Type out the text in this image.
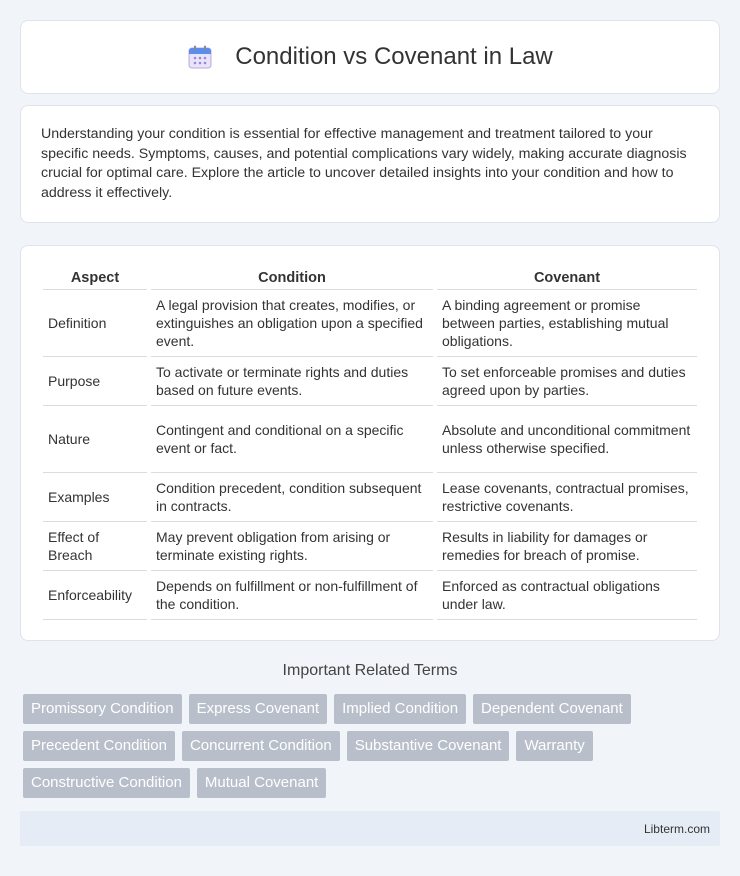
Condition vs Covenant in Law

Understanding your condition is essential for effective management and treatment tailored to your specific needs. Symptoms, causes, and potential complications vary widely, making accurate diagnosis crucial for optimal care. Explore the article to uncover detailed insights into your condition and how to address it effectively.

Aspect	Condition	Covenant
Definition	A legal provision that creates, modifies, or extinguishes an obligation upon a specified event.	A binding agreement or promise between parties, establishing mutual obligations.
Purpose	To activate or terminate rights and duties based on future events.	To set enforceable promises and duties agreed upon by parties.
Nature	Contingent and conditional on a specific event or fact.	Absolute and unconditional commitment unless otherwise specified.
Examples	Condition precedent, condition subsequent in contracts.	Lease covenants, contractual promises, restrictive covenants.
Effect of Breach	May prevent obligation from arising or terminate existing rights.	Results in liability for damages or remedies for breach of promise.
Enforceability	Depends on fulfillment or non-fulfillment of the condition.	Enforced as contractual obligations under law.
Important Related Terms
Promissory Condition	Express Covenant	Implied Condition	Dependent Covenant
Precedent Condition	Concurrent Condition	Substantive Covenant	Warranty
Constructive Condition	Mutual Covenant
Libterm.com
